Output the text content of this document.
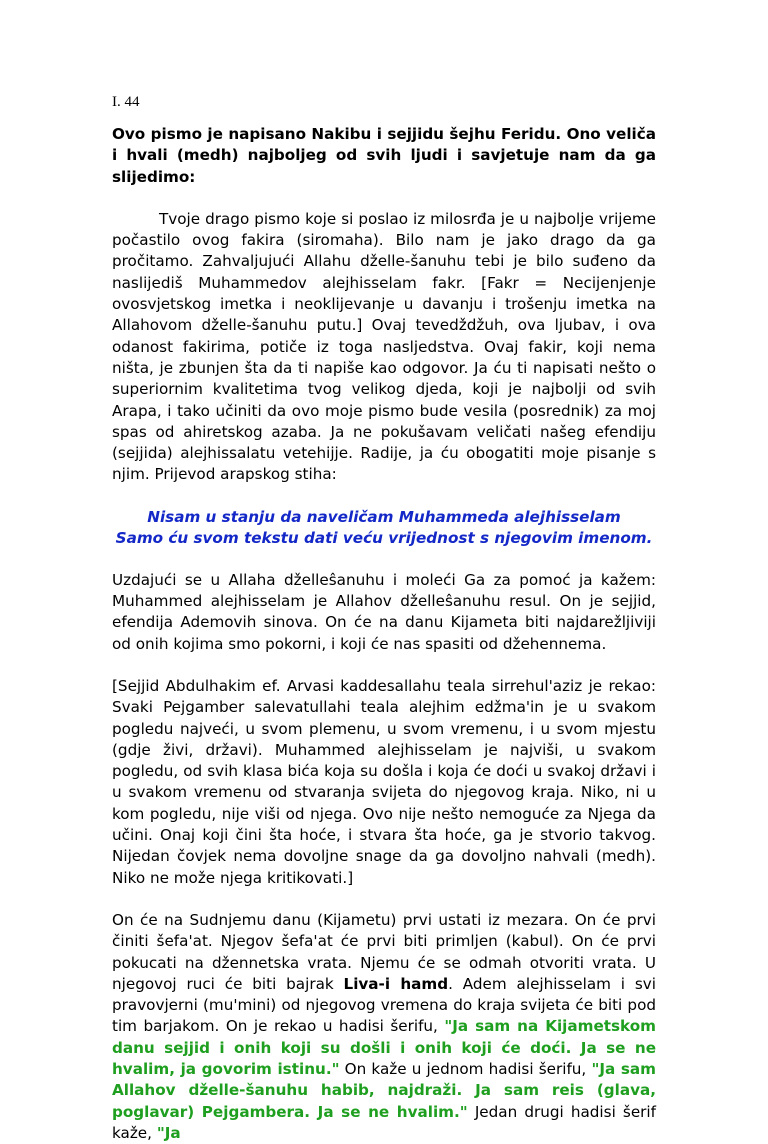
I. 44

Ovo pismo je napisano Nakibu i sejjidu šejhu Feridu. Ono veliča i hvali (medh) najboljeg od svih ljudi i savjetuje nam da ga slijedimo:

Tvoje drago pismo koje si poslao iz milosrđa je u najbolje vrijeme počastilo ovog fakira (siromaha). Bilo nam je jako drago da ga pročitamo. Zahvaljujući Allahu dželle-šanuhu tebi je bilo suđeno da naslijediš Muhammedov alejhisselam fakr. [Fakr = Necijenjenje ovosvjetskog imetka i neoklijevanje u davanju i trošenju imetka na Allahovom dželle-šanuhu putu.] Ovaj tevedždžuh, ova ljubav, i ova odanost fakirima, potiče iz toga nasljedstva. Ovaj fakir, koji nema ništa, je zbunjen šta da ti napiše kao odgovor. Ja ću ti napisati nešto o superiornim kvalitetima tvog velikog djeda, koji je najbolji od svih Arapa, i tako učiniti da ovo moje pismo bude vesila (posrednik) za moj spas od ahiretskog azaba. Ja ne pokušavam veličati našeg efendiju (sejjida) alejhissalatu vetehijje. Radije, ja ću obogatiti moje pisanje s njim. Prijevod arapskog stiha:

Nisam u stanju da naveličam Muhammeda alejhisselam
Samo ću svom tekstu dati veću vrijednost s njegovim imenom.

Uzdajući se u Allaha dželleŝanuhu i moleći Ga za pomoć ja kažem: Muhammed alejhisselam je Allahov dželleŝanuhu resul. On je sejjid, efendija Ademovih sinova. On će na danu Kijameta biti najdarežljiviji od onih kojima smo pokorni, i koji će nas spasiti od džehennema.

[Sejjid Abdulhakim ef. Arvasi kaddesallahu teala sirrehul'aziz je rekao: Svaki Pejgamber salevatullahi teala alejhim edžma'in je u svakom pogledu najveći, u svom plemenu, u svom vremenu, i u svom mjestu (gdje živi, državi). Muhammed alejhisselam je najviši, u svakom pogledu, od svih klasa bića koja su došla i koja će doći u svakoj državi i u svakom vremenu od stvaranja svijeta do njegovog kraja. Niko, ni u kom pogledu, nije viši od njega. Ovo nije nešto nemoguće za Njega da učini. Onaj koji čini šta hoće, i stvara šta hoće, ga je stvorio takvog. Nijedan čovjek nema dovoljne snage da ga dovoljno nahvali (medh). Niko ne može njega kritikovati.]

On će na Sudnjemu danu (Kijametu) prvi ustati iz mezara. On će prvi činiti šefa'at. Njegov šefa'at će prvi biti primljen (kabul). On će prvi pokucati na džennetska vrata. Njemu će se odmah otvoriti vrata. U njegovoj ruci će biti bajrak Liva-i hamd. Adem alejhisselam i svi pravovjerni (mu'mini) od njegovog vremena do kraja svijeta će biti pod tim barjakom. On je rekao u hadisi šerifu, "Ja sam na Kijametskom danu sejjid i onih koji su došli i onih koji će doći. Ja se ne hvalim, ja govorim istinu." On kaže u jednom hadisi šerifu, "Ja sam Allahov dželle-šanuhu habib, najdraži. Ja sam reis (glava, poglavar) Pejgambera. Ja se ne hvalim." Jedan drugi hadisi šerif kaže, "Ja
